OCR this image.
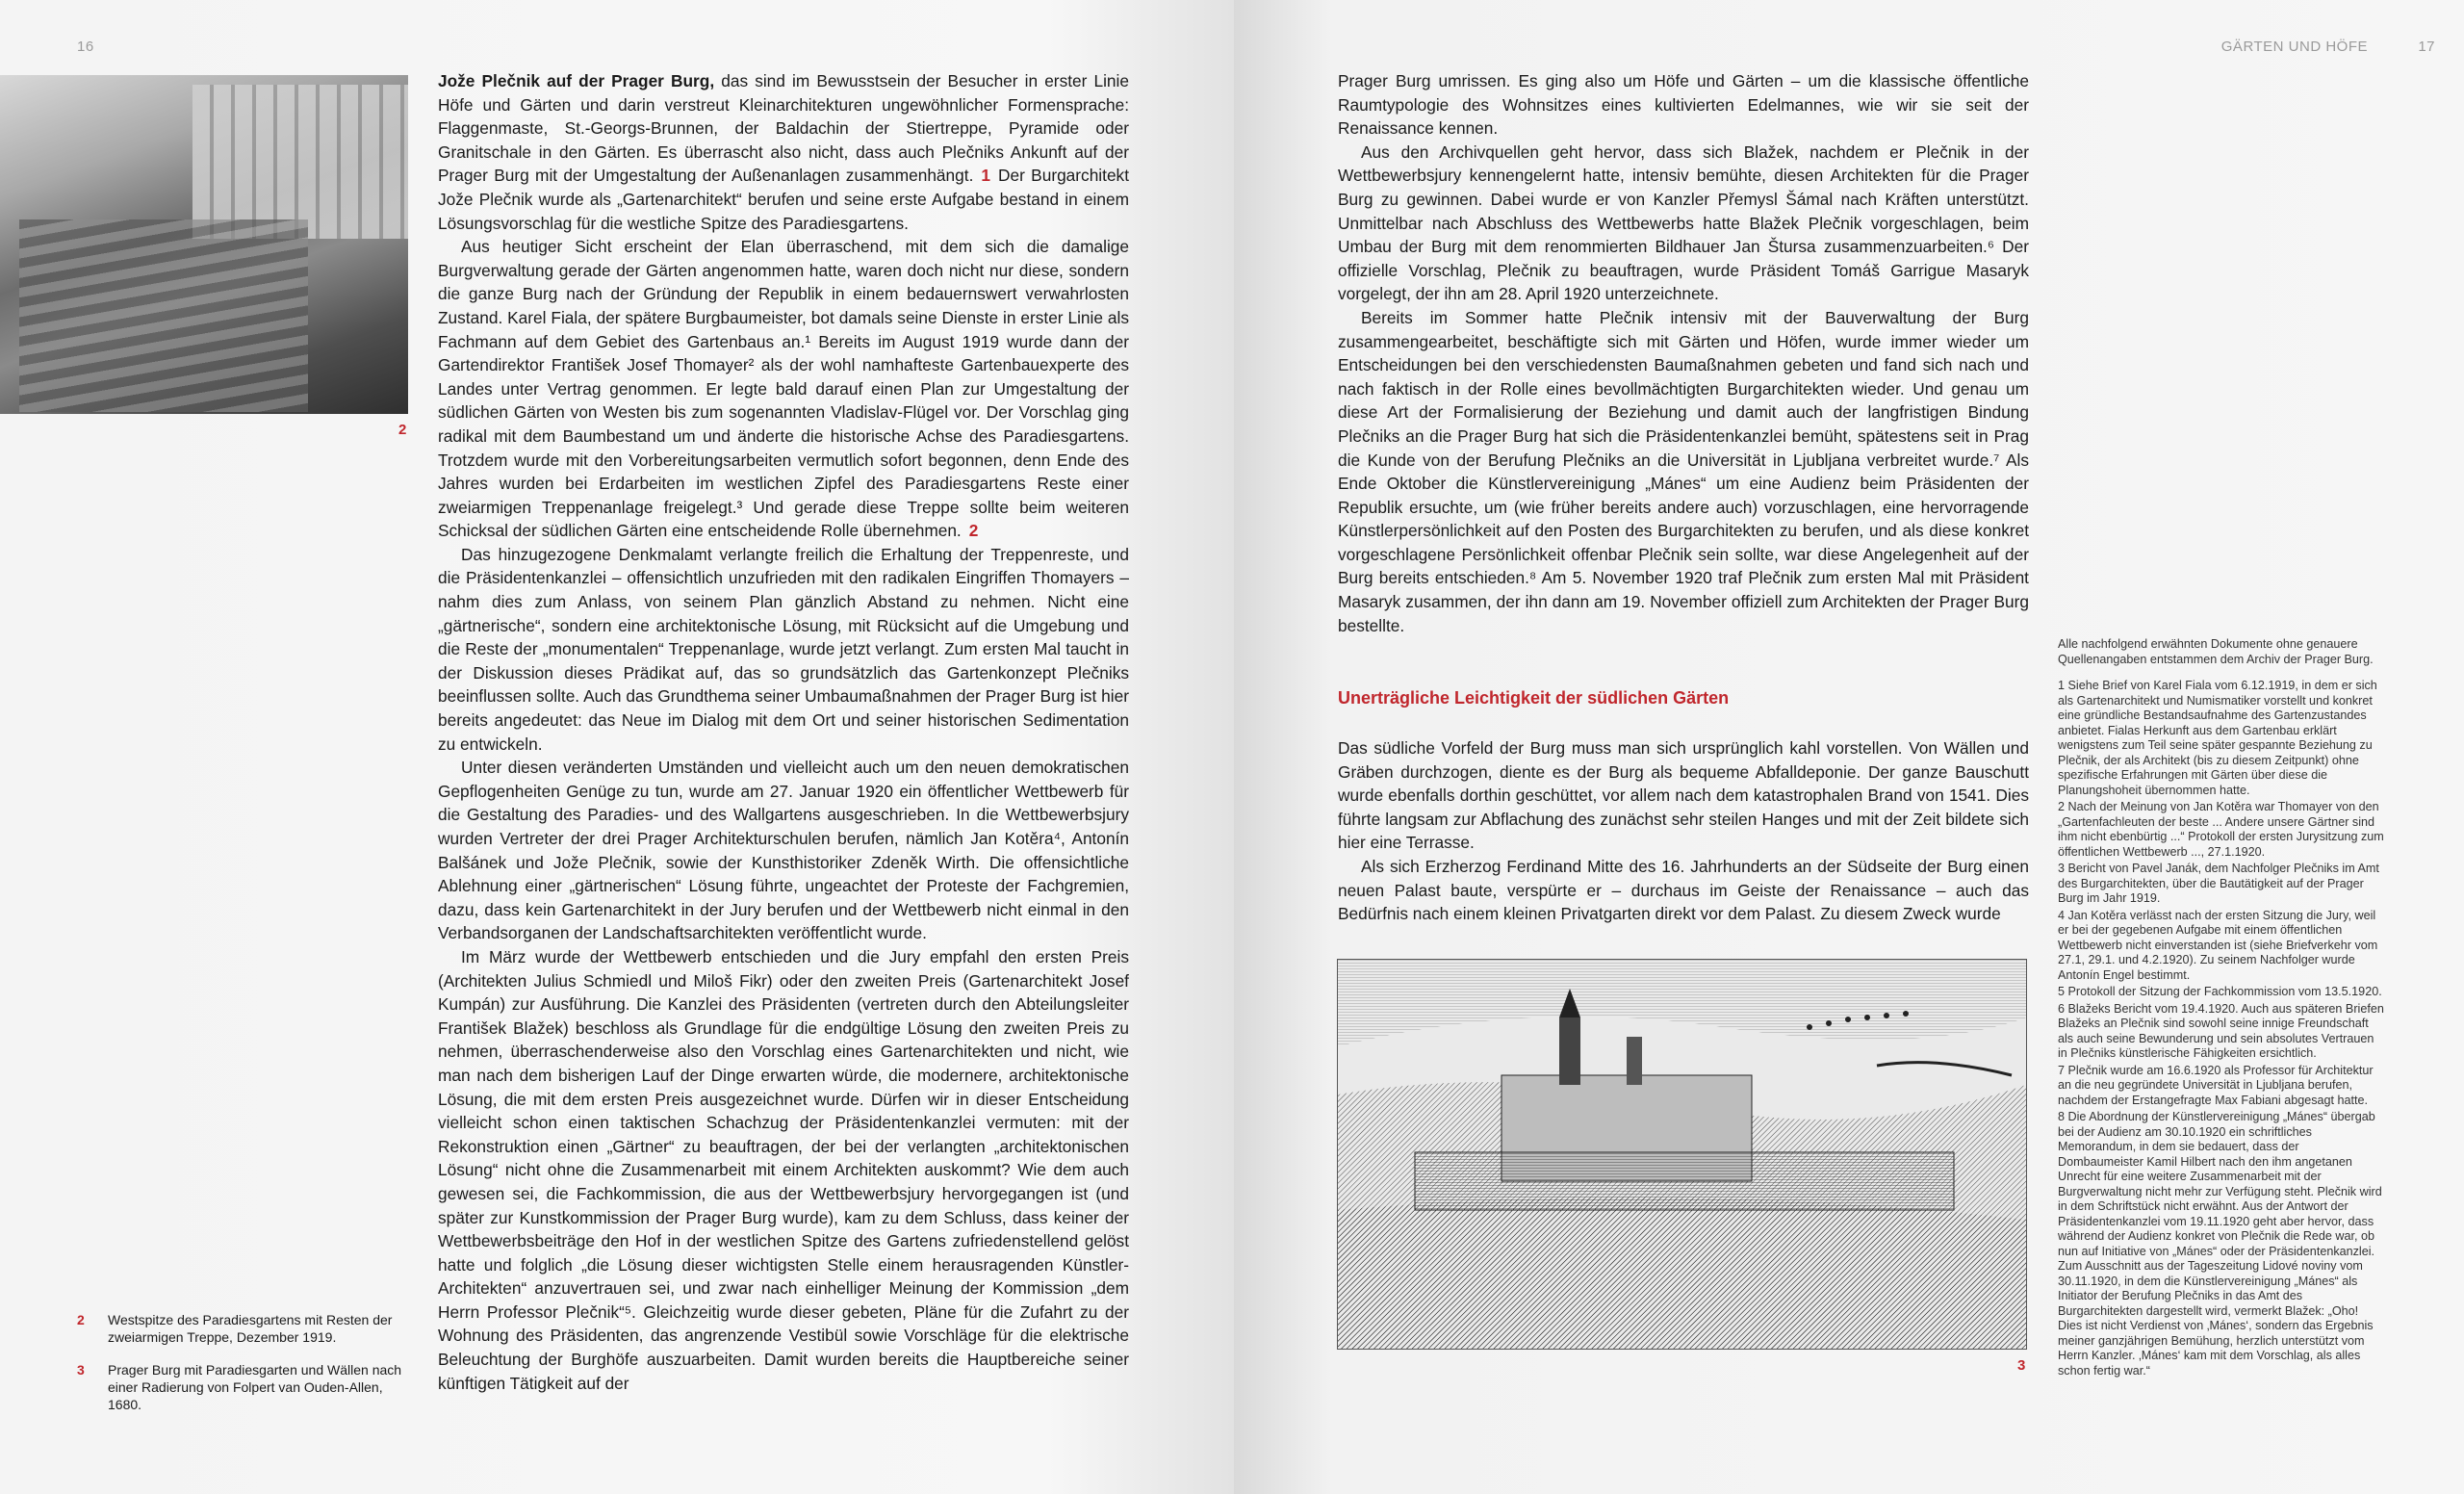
16
2

Jože Plečnik auf der Prager Burg, das sind im Bewusstsein der Besucher in erster Linie Höfe und Gärten und darin verstreut Kleinarchitekturen ungewöhnlicher Formensprache: Flaggenmaste, St.-Georgs-Brunnen, der Baldachin der Stiertreppe, Pyramide oder Granitschale in den Gärten. Es überrascht also nicht, dass auch Plečniks Ankunft auf der Prager Burg mit der Umgestaltung der Außenanlagen zusammenhängt. 1 Der Burgarchitekt Jože Plečnik wurde als „Gartenarchitekt“ berufen und seine erste Aufgabe bestand in einem Lösungsvorschlag für die westliche Spitze des Paradiesgartens.

Aus heutiger Sicht erscheint der Elan überraschend, mit dem sich die damalige Burgverwaltung gerade der Gärten angenommen hatte, waren doch nicht nur diese, sondern die ganze Burg nach der Gründung der Republik in einem bedauernswert verwahrlosten Zustand. Karel Fiala, der spätere Burgbaumeister, bot damals seine Dienste in erster Linie als Fachmann auf dem Gebiet des Gartenbaus an.¹ Bereits im August 1919 wurde dann der Gartendirektor František Josef Thomayer² als der wohl namhafteste Gartenbauexperte des Landes unter Vertrag genommen. Er legte bald darauf einen Plan zur Umgestaltung der südlichen Gärten von Westen bis zum sogenannten Vladislav-Flügel vor. Der Vorschlag ging radikal mit dem Baumbestand um und änderte die historische Achse des Paradiesgartens. Trotzdem wurde mit den Vorbereitungsarbeiten vermutlich sofort begonnen, denn Ende des Jahres wurden bei Erdarbeiten im westlichen Zipfel des Paradiesgartens Reste einer zweiarmigen Treppenanlage freigelegt.³ Und gerade diese Treppe sollte beim weiteren Schicksal der südlichen Gärten eine entscheidende Rolle übernehmen. 2

Das hinzugezogene Denkmalamt verlangte freilich die Erhaltung der Treppenreste, und die Präsidentenkanzlei – offensichtlich unzufrieden mit den radikalen Eingriffen Thomayers – nahm dies zum Anlass, von seinem Plan gänzlich Abstand zu nehmen. Nicht eine „gärtnerische“, sondern eine architektonische Lösung, mit Rücksicht auf die Umgebung und die Reste der „monumentalen“ Treppenanlage, wurde jetzt verlangt. Zum ersten Mal taucht in der Diskussion dieses Prädikat auf, das so grundsätzlich das Gartenkonzept Plečniks beeinflussen sollte. Auch das Grundthema seiner Umbaumaßnahmen der Prager Burg ist hier bereits angedeutet: das Neue im Dialog mit dem Ort und seiner historischen Sedimentation zu entwickeln.

Unter diesen veränderten Umständen und vielleicht auch um den neuen demokratischen Gepflogenheiten Genüge zu tun, wurde am 27. Januar 1920 ein öffentlicher Wettbewerb für die Gestaltung des Paradies- und des Wallgartens ausgeschrieben. In die Wettbewerbsjury wurden Vertreter der drei Prager Architekturschulen berufen, nämlich Jan Kotěra⁴, Antonín Balšánek und Jože Plečnik, sowie der Kunsthistoriker Zdeněk Wirth. Die offensichtliche Ablehnung einer „gärtnerischen“ Lösung führte, ungeachtet der Proteste der Fachgremien, dazu, dass kein Gartenarchitekt in der Jury berufen und der Wettbewerb nicht einmal in den Verbandsorganen der Landschaftsarchitekten veröffentlicht wurde.

Im März wurde der Wettbewerb entschieden und die Jury empfahl den ersten Preis (Architekten Julius Schmiedl und Miloš Fikr) oder den zweiten Preis (Gartenarchitekt Josef Kumpán) zur Ausführung. Die Kanzlei des Präsidenten (vertreten durch den Abteilungsleiter František Blažek) beschloss als Grundlage für die endgültige Lösung den zweiten Preis zu nehmen, überraschenderweise also den Vorschlag eines Gartenarchitekten und nicht, wie man nach dem bisherigen Lauf der Dinge erwarten würde, die modernere, architektonische Lösung, die mit dem ersten Preis ausgezeichnet wurde. Dürfen wir in dieser Entscheidung vielleicht schon einen taktischen Schachzug der Präsidentenkanzlei vermuten: mit der Rekonstruktion einen „Gärtner“ zu beauftragen, der bei der verlangten „architektonischen Lösung“ nicht ohne die Zusammenarbeit mit einem Architekten auskommt? Wie dem auch gewesen sei, die Fachkommission, die aus der Wettbewerbsjury hervorgegangen ist (und später zur Kunstkommission der Prager Burg wurde), kam zu dem Schluss, dass keiner der Wettbewerbsbeiträge den Hof in der westlichen Spitze des Gartens zufriedenstellend gelöst hatte und folglich „die Lösung dieser wichtigsten Stelle einem herausragenden Künstler-Architekten“ anzuvertrauen sei, und zwar nach einhelliger Meinung der Kommission „dem Herrn Professor Plečnik“⁵. Gleichzeitig wurde dieser gebeten, Pläne für die Zufahrt zu der Wohnung des Präsidenten, das angrenzende Vestibül sowie Vorschläge für die elektrische Beleuchtung der Burghöfe auszuarbeiten. Damit wurden bereits die Hauptbereiche seiner künftigen Tätigkeit auf der

2	Westspitze des Paradiesgartens mit Resten der zweiarmigen Treppe, Dezember 1919.
3	Prager Burg mit Paradiesgarten und Wällen nach einer Radierung von Folpert van Ouden-Allen, 1680.
GÄRTEN UND HÖFE	17

Prager Burg umrissen. Es ging also um Höfe und Gärten – um die klassische öffentliche Raumtypologie des Wohnsitzes eines kultivierten Edelmannes, wie wir sie seit der Renaissance kennen.

Aus den Archivquellen geht hervor, dass sich Blažek, nachdem er Plečnik in der Wettbewerbsjury kennengelernt hatte, intensiv bemühte, diesen Architekten für die Prager Burg zu gewinnen. Dabei wurde er von Kanzler Přemysl Šámal nach Kräften unterstützt. Unmittelbar nach Abschluss des Wettbewerbs hatte Blažek Plečnik vorgeschlagen, beim Umbau der Burg mit dem renommierten Bildhauer Jan Štursa zusammenzuarbeiten.⁶ Der offizielle Vorschlag, Plečnik zu beauftragen, wurde Präsident Tomáš Garrigue Masaryk vorgelegt, der ihn am 28. April 1920 unterzeichnete.

Bereits im Sommer hatte Plečnik intensiv mit der Bauverwaltung der Burg zusammengearbeitet, beschäftigte sich mit Gärten und Höfen, wurde immer wieder um Entscheidungen bei den verschiedensten Baumaßnahmen gebeten und fand sich nach und nach faktisch in der Rolle eines bevollmächtigten Burgarchitekten wieder. Und genau um diese Art der Formalisierung der Beziehung und damit auch der langfristigen Bindung Plečniks an die Prager Burg hat sich die Präsidentenkanzlei bemüht, spätestens seit in Prag die Kunde von der Berufung Plečniks an die Universität in Ljubljana verbreitet wurde.⁷ Als Ende Oktober die Künstlervereinigung „Mánes“ um eine Audienz beim Präsidenten der Republik ersuchte, um (wie früher bereits andere auch) vorzuschlagen, eine hervorragende Künstlerpersönlichkeit auf den Posten des Burgarchitekten zu berufen, und als diese konkret vorgeschlagene Persönlichkeit offenbar Plečnik sein sollte, war diese Angelegenheit auf der Burg bereits entschieden.⁸ Am 5. November 1920 traf Plečnik zum ersten Mal mit Präsident Masaryk zusammen, der ihn dann am 19. November offiziell zum Architekten der Prager Burg bestellte.

Unerträgliche Leichtigkeit der südlichen Gärten

Das südliche Vorfeld der Burg muss man sich ursprünglich kahl vorstellen. Von Wällen und Gräben durchzogen, diente es der Burg als bequeme Abfalldeponie. Der ganze Bauschutt wurde ebenfalls dorthin geschüttet, vor allem nach dem katastrophalen Brand von 1541. Dies führte langsam zur Abflachung des zunächst sehr steilen Hanges und mit der Zeit bildete sich hier eine Terrasse.

Als sich Erzherzog Ferdinand Mitte des 16. Jahrhunderts an der Südseite der Burg einen neuen Palast baute, verspürte er – durchaus im Geiste der Renaissance – auch das Bedürfnis nach einem kleinen Privatgarten direkt vor dem Palast. Zu diesem Zweck wurde

3

Alle nachfolgend erwähnten Dokumente ohne genauere Quellenangaben entstammen dem Archiv der Prager Burg.

1 Siehe Brief von Karel Fiala vom 6.12.1919, in dem er sich als Gartenarchitekt und Numismatiker vorstellt und konkret eine gründliche Bestandsaufnahme des Gartenzustandes anbietet. Fialas Herkunft aus dem Gartenbau erklärt wenigstens zum Teil seine später gespannte Beziehung zu Plečnik, der als Architekt (bis zu diesem Zeitpunkt) ohne spezifische Erfahrungen mit Gärten über diese die Planungshoheit übernommen hatte.

2 Nach der Meinung von Jan Kotěra war Thomayer von den „Gartenfachleuten der beste ... Andere unsere Gärtner sind ihm nicht ebenbürtig ...“ Protokoll der ersten Jurysitzung zum öffentlichen Wettbewerb ..., 27.1.1920.

3 Bericht von Pavel Janák, dem Nachfolger Plečniks im Amt des Burgarchitekten, über die Bautätigkeit auf der Prager Burg im Jahr 1919.

4 Jan Kotěra verlässt nach der ersten Sitzung die Jury, weil er bei der gegebenen Aufgabe mit einem öffentlichen Wettbewerb nicht einverstanden ist (siehe Briefverkehr vom 27.1, 29.1. und 4.2.1920). Zu seinem Nachfolger wurde Antonín Engel bestimmt.

5 Protokoll der Sitzung der Fachkommission vom 13.5.1920.

6 Blažeks Bericht vom 19.4.1920. Auch aus späteren Briefen Blažeks an Plečnik sind sowohl seine innige Freundschaft als auch seine Bewunderung und sein absolutes Vertrauen in Plečniks künstlerische Fähigkeiten ersichtlich.

7 Plečnik wurde am 16.6.1920 als Professor für Architektur an die neu gegründete Universität in Ljubljana berufen, nachdem der Erstangefragte Max Fabiani abgesagt hatte.

8 Die Abordnung der Künstlervereinigung „Mánes“ übergab bei der Audienz am 30.10.1920 ein schriftliches Memorandum, in dem sie bedauert, dass der Dombaumeister Kamil Hilbert nach den ihm angetanen Unrecht für eine weitere Zusammenarbeit mit der Burgverwaltung nicht mehr zur Verfügung steht. Plečnik wird in dem Schriftstück nicht erwähnt. Aus der Antwort der Präsidentenkanzlei vom 19.11.1920 geht aber hervor, dass während der Audienz konkret von Plečnik die Rede war, ob nun auf Initiative von „Mánes“ oder der Präsidentenkanzlei. Zum Ausschnitt aus der Tageszeitung Lidové noviny vom 30.11.1920, in dem die Künstlervereinigung „Mánes“ als Initiator der Berufung Plečniks in das Amt des Burgarchitekten dargestellt wird, vermerkt Blažek: „Oho! Dies ist nicht Verdienst von ‚Mánes‘, sondern das Ergebnis meiner ganzjährigen Bemühung, herzlich unterstützt vom Herrn Kanzler. ‚Mánes‘ kam mit dem Vorschlag, als alles schon fertig war.“
